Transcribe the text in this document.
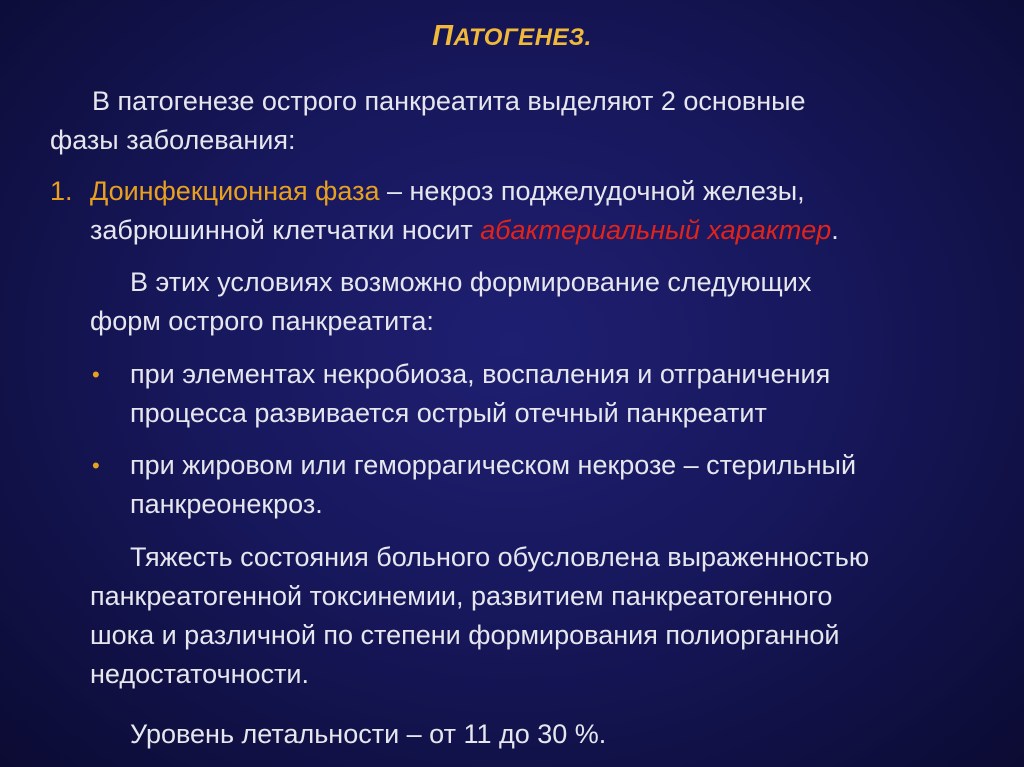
ПАТОГЕНЕЗ.

В патогенезе острого панкреатита выделяют 2 основные

фазы заболевания:

1. Доинфекционная фаза – некроз поджелудочной железы,

забрюшинной клетчатки носит абактериальный характер.

В этих условиях возможно формирование следующих

форм острого панкреатита:

• при элементах некробиоза, воспаления и отграничения

процесса развивается острый отечный панкреатит

• при жировом или геморрагическом некрозе – стерильный

панкреонекроз.

Тяжесть состояния больного обусловлена выраженностью

панкреатогенной токсинемии, развитием панкреатогенного

шока и различной по степени формирования полиорганной

недостаточности.

Уровень летальности – от 11 до 30 %.
